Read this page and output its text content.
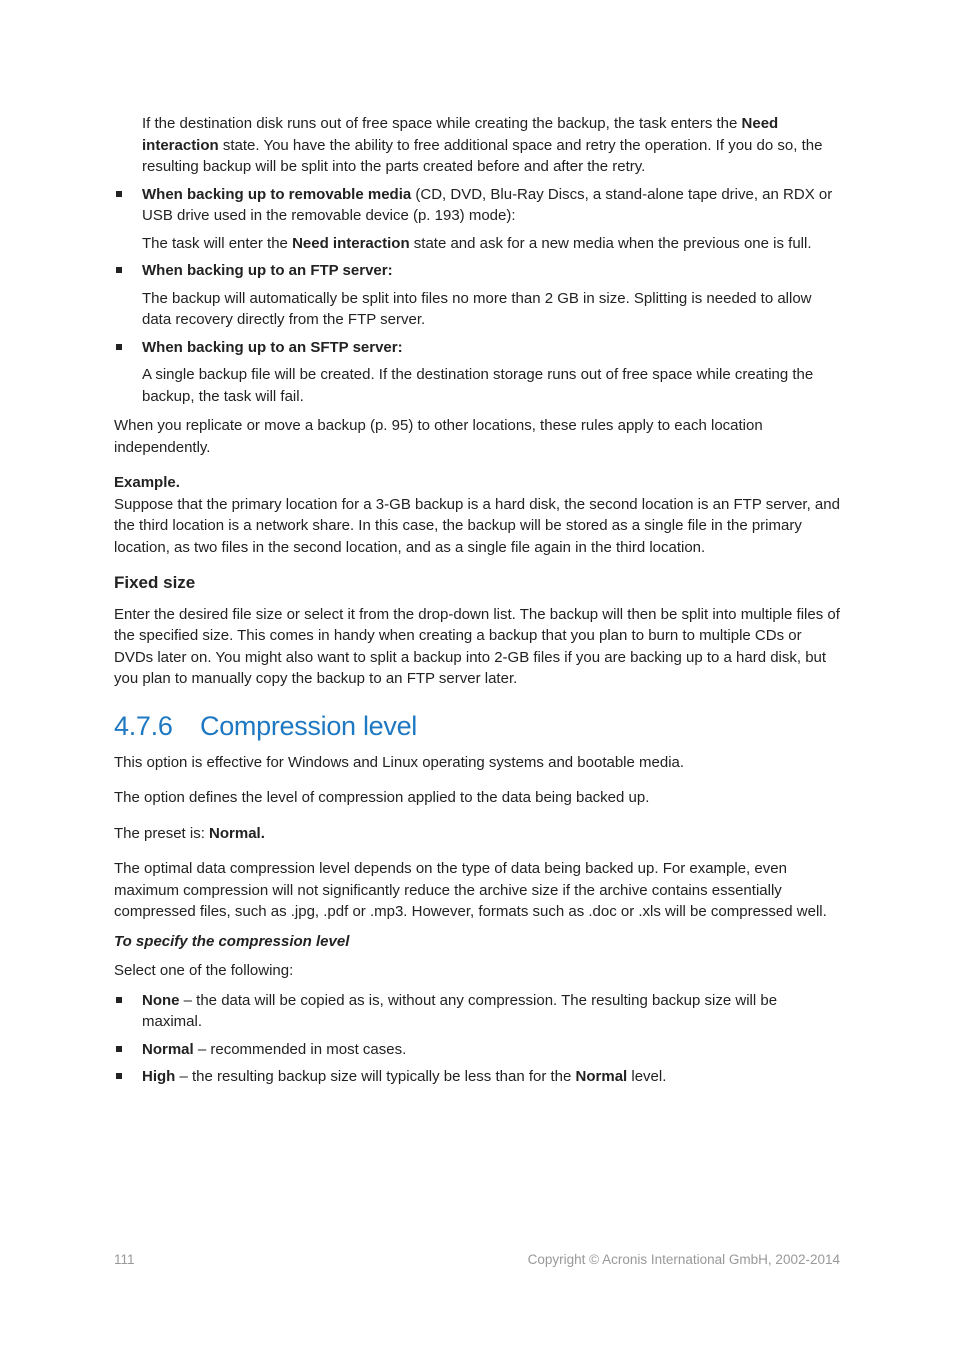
If the destination disk runs out of free space while creating the backup, the task enters the Need interaction state. You have the ability to free additional space and retry the operation. If you do so, the resulting backup will be split into the parts created before and after the retry.

When backing up to removable media (CD, DVD, Blu-Ray Discs, a stand-alone tape drive, an RDX or USB drive used in the removable device (p. 193) mode):

The task will enter the Need interaction state and ask for a new media when the previous one is full.

When backing up to an FTP server:

The backup will automatically be split into files no more than 2 GB in size. Splitting is needed to allow data recovery directly from the FTP server.

When backing up to an SFTP server:

A single backup file will be created. If the destination storage runs out of free space while creating the backup, the task will fail.

When you replicate or move a backup (p. 95) to other locations, these rules apply to each location independently.

Example.

Suppose that the primary location for a 3-GB backup is a hard disk, the second location is an FTP server, and the third location is a network share. In this case, the backup will be stored as a single file in the primary location, as two files in the second location, and as a single file again in the third location.

Fixed size

Enter the desired file size or select it from the drop-down list. The backup will then be split into multiple files of the specified size. This comes in handy when creating a backup that you plan to burn to multiple CDs or DVDs later on. You might also want to split a backup into 2-GB files if you are backing up to a hard disk, but you plan to manually copy the backup to an FTP server later.

4.7.6 Compression level

This option is effective for Windows and Linux operating systems and bootable media.

The option defines the level of compression applied to the data being backed up.

The preset is: Normal.

The optimal data compression level depends on the type of data being backed up. For example, even maximum compression will not significantly reduce the archive size if the archive contains essentially compressed files, such as .jpg, .pdf or .mp3. However, formats such as .doc or .xls will be compressed well.

To specify the compression level

Select one of the following:

None – the data will be copied as is, without any compression. The resulting backup size will be maximal.

Normal – recommended in most cases.

High – the resulting backup size will typically be less than for the Normal level.

111	Copyright © Acronis International GmbH, 2002-2014
